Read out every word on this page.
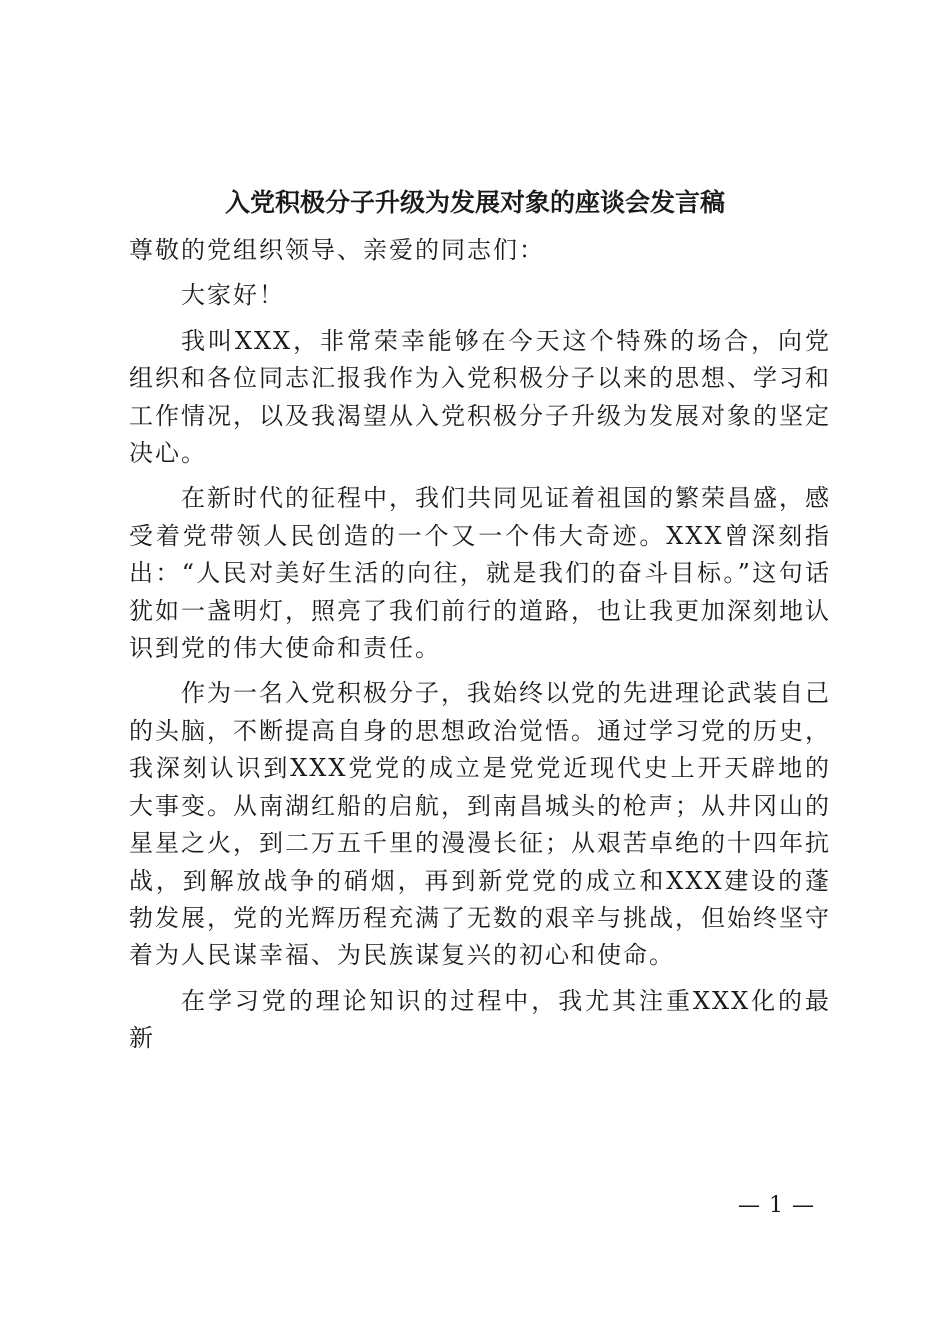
入党积极分子升级为发展对象的座谈会发言稿

尊敬的党组织领导、亲爱的同志们：

大家好！

我叫XXX，非常荣幸能够在今天这个特殊的场合，向党组织和各位同志汇报我作为入党积极分子以来的思想、学习和工作情况，以及我渴望从入党积极分子升级为发展对象的坚定决心。

在新时代的征程中，我们共同见证着祖国的繁荣昌盛，感受着党带领人民创造的一个又一个伟大奇迹。XXX曾深刻指出：“人民对美好生活的向往，就是我们的奋斗目标。”这句话犹如一盏明灯，照亮了我们前行的道路，也让我更加深刻地认识到党的伟大使命和责任。

作为一名入党积极分子，我始终以党的先进理论武装自己的头脑，不断提高自身的思想政治觉悟。通过学习党的历史，我深刻认识到XXX党党的成立是党党近现代史上开天辟地的大事变。从南湖红船的启航，到南昌城头的枪声；从井冈山的星星之火，到二万五千里的漫漫长征；从艰苦卓绝的十四年抗战，到解放战争的硝烟，再到新党党的成立和XXX建设的蓬勃发展，党的光辉历程充满了无数的艰辛与挑战，但始终坚守着为人民谋幸福、为民族谋复兴的初心和使命。

在学习党的理论知识的过程中，我尤其注重XXX化的最新

— 1 —
